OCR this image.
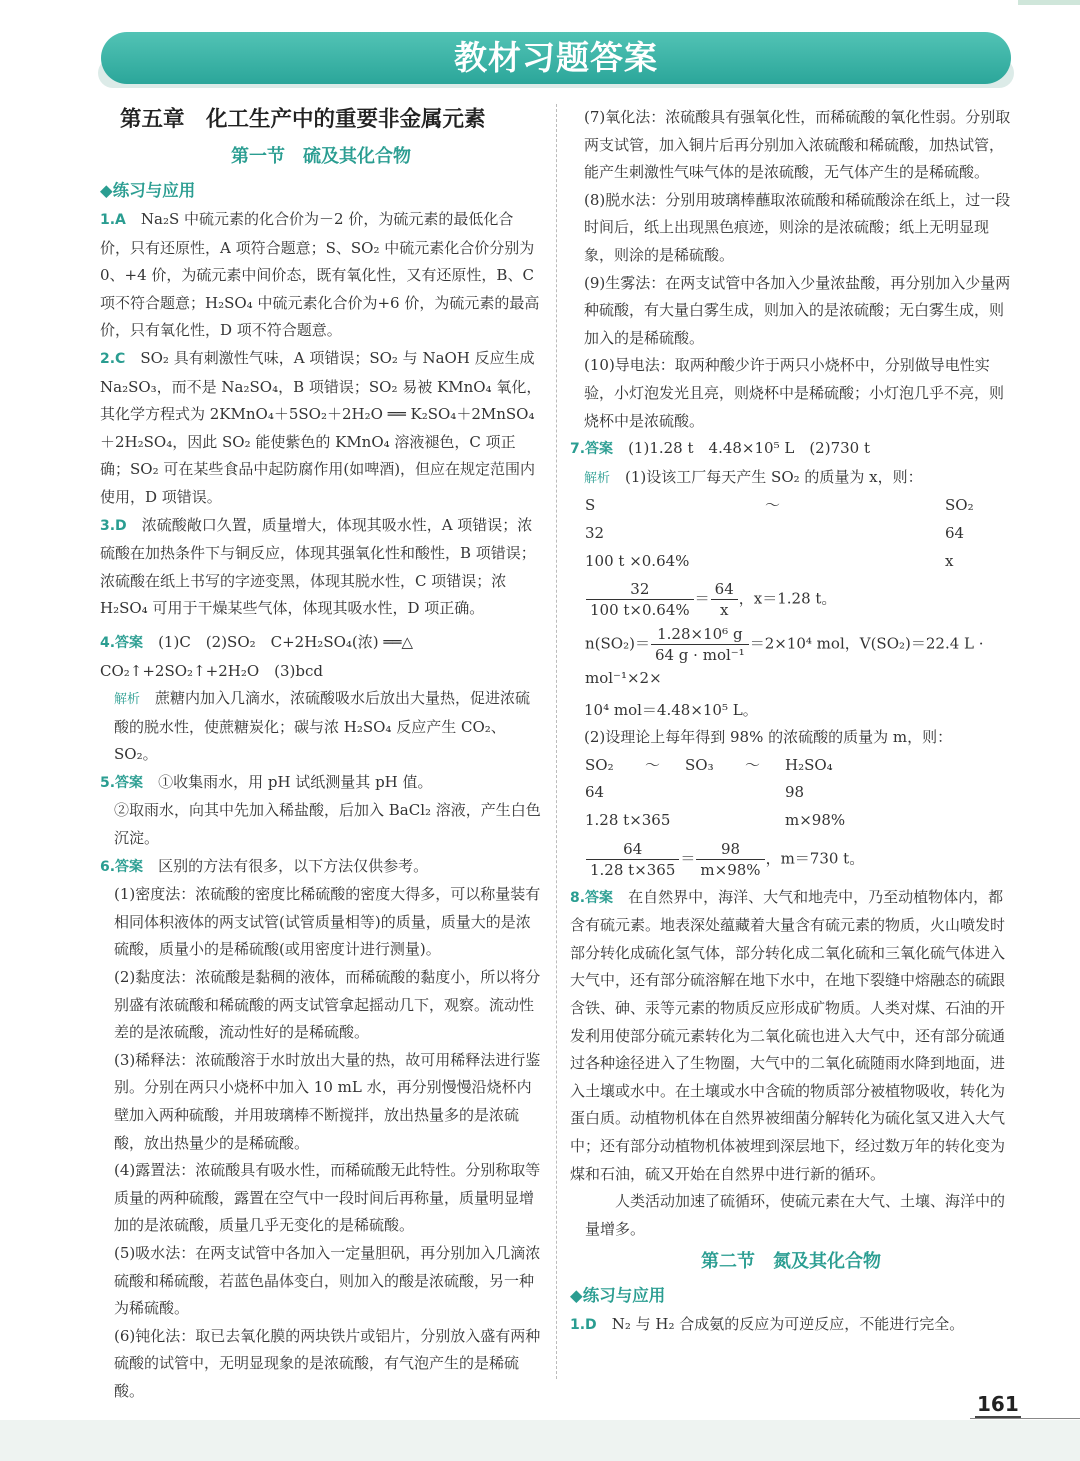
教材习题答案
第五章　化工生产中的重要非金属元素
第一节　硫及其化合物
◆练习与应用

1.A　 Na₂S 中硫元素的化合价为－2 价，为硫元素的最低化合价，只有还原性，A 项符合题意；S、SO₂ 中硫元素化合价分别为 0、+4 价，为硫元素中间价态，既有氧化性，又有还原性，B、C 项不符合题意；H₂SO₄ 中硫元素化合价为+6 价，为硫元素的最高价，只有氧化性，D 项不符合题意。

2.C　 SO₂ 具有刺激性气味，A 项错误；SO₂ 与 NaOH 反应生成 Na₂SO₃，而不是 Na₂SO₄，B 项错误；SO₂ 易被 KMnO₄ 氧化，其化学方程式为 2KMnO₄＋5SO₂＋2H₂O ══ K₂SO₄＋2MnSO₄＋2H₂SO₄，因此 SO₂ 能使紫色的 KMnO₄ 溶液褪色，C 项正确；SO₂ 可在某些食品中起防腐作用(如啤酒)，但应在规定范围内使用，D 项错误。

3.D　 浓硫酸敞口久置，质量增大，体现其吸水性，A 项错误；浓硫酸在加热条件下与铜反应，体现其强氧化性和酸性，B 项错误；浓硫酸在纸上书写的字迹变黑，体现其脱水性，C 项错误；浓 H₂SO₄ 可用于干燥某些气体，体现其吸水性，D 项正确。

4.答案　 (1)C　(2)SO₂　C+2H₂SO₄(浓) ══△ CO₂↑+2SO₂↑+2H₂O　(3)bcd

解析　 蔗糖内加入几滴水，浓硫酸吸水后放出大量热，促进浓硫酸的脱水性，使蔗糖炭化；碳与浓 H₂SO₄ 反应产生 CO₂、SO₂。

5.答案　 ①收集雨水，用 pH 试纸测量其 pH 值。

②取雨水，向其中先加入稀盐酸，后加入 BaCl₂ 溶液，产生白色沉淀。

6.答案　 区别的方法有很多，以下方法仅供参考。

(1)密度法：浓硫酸的密度比稀硫酸的密度大得多，可以称量装有相同体积液体的两支试管(试管质量相等)的质量，质量大的是浓硫酸，质量小的是稀硫酸(或用密度计进行测量)。

(2)黏度法：浓硫酸是黏稠的液体，而稀硫酸的黏度小，所以将分别盛有浓硫酸和稀硫酸的两支试管拿起摇动几下，观察。流动性差的是浓硫酸，流动性好的是稀硫酸。

(3)稀释法：浓硫酸溶于水时放出大量的热，故可用稀释法进行鉴别。分别在两只小烧杯中加入 10 mL 水，再分别慢慢沿烧杯内壁加入两种硫酸，并用玻璃棒不断搅拌，放出热量多的是浓硫酸，放出热量少的是稀硫酸。

(4)露置法：浓硫酸具有吸水性，而稀硫酸无此特性。分别称取等质量的两种硫酸，露置在空气中一段时间后再称量，质量明显增加的是浓硫酸，质量几乎无变化的是稀硫酸。

(5)吸水法：在两支试管中各加入一定量胆矾，再分别加入几滴浓硫酸和稀硫酸，若蓝色晶体变白，则加入的酸是浓硫酸，另一种为稀硫酸。

(6)钝化法：取已去氧化膜的两块铁片或铝片，分别放入盛有两种硫酸的试管中，无明显现象的是浓硫酸，有气泡产生的是稀硫酸。

(7)氧化法：浓硫酸具有强氧化性，而稀硫酸的氧化性弱。分别取两支试管，加入铜片后再分别加入浓硫酸和稀硫酸，加热试管，能产生刺激性气味气体的是浓硫酸，无气体产生的是稀硫酸。

(8)脱水法：分别用玻璃棒蘸取浓硫酸和稀硫酸涂在纸上，过一段时间后，纸上出现黑色痕迹，则涂的是浓硫酸；纸上无明显现象，则涂的是稀硫酸。

(9)生雾法：在两支试管中各加入少量浓盐酸，再分别加入少量两种硫酸，有大量白雾生成，则加入的是浓硫酸；无白雾生成，则加入的是稀硫酸。

(10)导电法：取两种酸少许于两只小烧杯中，分别做导电性实验，小灯泡发光且亮，则烧杯中是稀硫酸；小灯泡几乎不亮，则烧杯中是浓硫酸。

7.答案　 (1)1.28 t　4.48×10⁵ L　(2)730 t

解析　 (1)设该工厂每天产生 SO₂ 的质量为 x，则：

S	～	SO₂
32	64
100 t ×0.64%	x
$\frac{32}{100 t\times 0.64\%} = \frac{64}{x}$ ，x＝1.28 t。
$n(SO_2)= \frac{\text{1.28×10⁶ g}}{\text{64 g · mol⁻¹}} =2\times 10^4$ mol，V(SO₂)＝22.4 L · mol⁻¹×2×

10⁴ mol＝4.48×10⁵ L。

(2)设理论上每年得到 98% 的浓硫酸的质量为 m，则：

SO₂	～	SO₃	～	H₂SO₄
64	98
1.28 t×365	m×98%
$\frac{64}{1.28 t\times 365} = \frac{98}{m\times 98\%}$ ，m＝730 t。

8.答案　 在自然界中，海洋、大气和地壳中，乃至动植物体内，都含有硫元素。地表深处蕴藏着大量含有硫元素的物质，火山喷发时部分转化成硫化氢气体，部分转化成二氧化硫和三氧化硫气体进入大气中，还有部分硫溶解在地下水中，在地下裂缝中熔融态的硫跟含铁、砷、汞等元素的物质反应形成矿物质。人类对煤、石油的开发利用使部分硫元素转化为二氧化硫也进入大气中，还有部分硫通过各种途径进入了生物圈，大气中的二氧化硫随雨水降到地面，进入土壤或水中。在土壤或水中含硫的物质部分被植物吸收，转化为蛋白质。动植物机体在自然界被细菌分解转化为硫化氢又进入大气中；还有部分动植物机体被埋到深层地下，经过数万年的转化变为煤和石油，硫又开始在自然界中进行新的循环。

人类活动加速了硫循环，使硫元素在大气、土壤、海洋中的量增多。

第二节　氮及其化合物
◆练习与应用

1.D　 N₂ 与 H₂ 合成氨的反应为可逆反应，不能进行完全。

161
